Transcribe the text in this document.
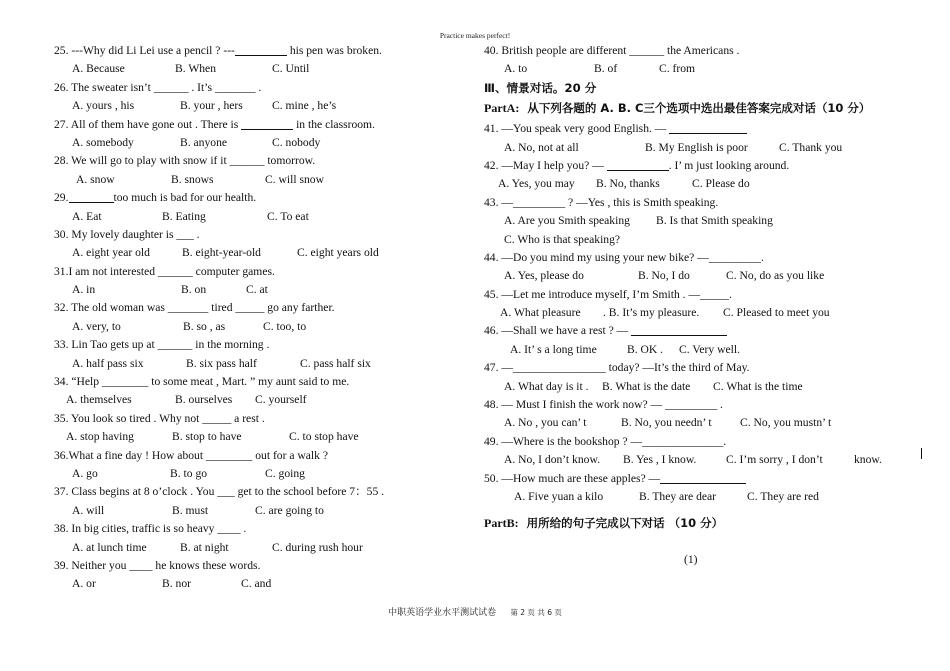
Practice makes perfect!
25. ---Why did Li Lei use a pencil ? ---	his pen was broken.
A. Because	B. When	C. Until
26. The sweater isn’t ______ . It’s _______ .
A. yours , his	B. your , hers	C. mine , he’s
27. All of them have gone out . There is	in the classroom.
A. somebody	B. anyone	C. nobody
28. We will go to play with snow if it ______ tomorrow.
A. snow	B. snows	C. will snow
29.	too much is bad for our health.
A. Eat	B. Eating	C. To eat
30. My lovely daughter is ___ .
A. eight year old	B. eight-year-old	C. eight years old
31.I am not interested ______ computer games.
A. in	B. on	C. at
32. The old woman was _______ tired _____ go any farther.
A. very, to	B. so , as	C. too, to
33. Lin Tao gets up at ______ in the morning .
A. half pass six	B. six pass half	C. pass half six
34. “Help ________ to some meat , Mart. ” my aunt said to me.
A. themselves	B. ourselves C. yourself
35. You look so tired . Why not _____ a rest .
A. stop having	B. stop to have	C. to stop have
36.What a fine day ! How about ________ out for a walk ?
A. go	B. to go	C. going
37. Class begins at 8 o’clock . You ___ get to the school before 7：55 .
A. will	B. must	C. are going to
38. In big cities, traffic is so heavy ____ .
A. at lunch time	B. at night	C. during rush hour
39. Neither you ____ he knows these words.
A. or	B. nor	C. and
40. British people are different ______ the Americans .
A. to	B. of	C. from
Ⅲ、情景对话。20 分
PartA: 从下列各题的 A. B. C三个选项中选出最佳答案完成对话（10 分）
41. —You speak very good English. —
A. No, not at all	B. My English is poor	C. Thank you
42. —May I help you? —	. I’ m just looking around.
A. Yes, you may B. No, thanks	C. Please do
43. —_________ ? —Yes , this is Smith speaking.
A. Are you Smith speaking B. Is that Smith speaking
C. Who is that speaking?
44. —Do you mind my using your new bike? —_________.
A. Yes, please do	B. No, I do	C. No, do as you like
45. —Let me introduce myself, I’m Smith . —_____.
A. What pleasure . B. It’s my pleasure. C. Pleased to meet you
46. —Shall we have a rest ? —
A. It’ s a long time	B. OK . C. Very well.
47. —________________ today? —It’s the third of May.
A. What day is it . B. What is the date C. What is the time
48. — Must I finish the work now? — _________ .
A. No , you can’ t	B. No, you needn’ t C. No, you mustn’ t
49. —Where is the bookshop ? —______________.
A. No, I don’t know. B. Yes , I know.	C. I’m sorry , I don’t	know.
50. —How much are these apples? —
A. Five yuan a kilo	B. They are dear	C. They are red
PartB: 用所给的句子完成以下对话 （10 分）
(1)
中职英语学业水平测试试卷 第 2 页 共 6 页
